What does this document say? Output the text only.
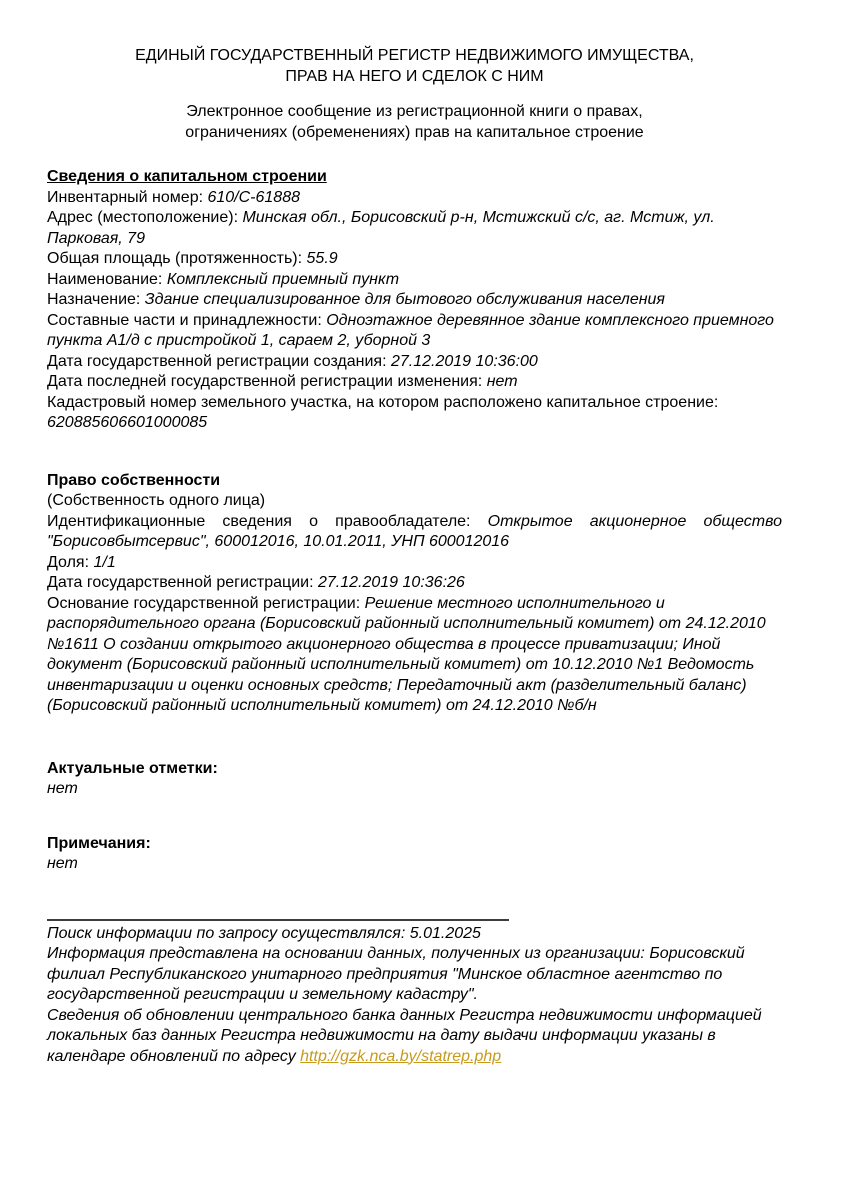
ЕДИНЫЙ ГОСУДАРСТВЕННЫЙ РЕГИСТР НЕДВИЖИМОГО ИМУЩЕСТВА,

ПРАВ НА НЕГО И СДЕЛОК С НИМ

Электронное сообщение из регистрационной книги о правах,

ограничениях (обременениях) прав на капитальное строение

Сведения о капитальном строении

Инвентарный номер: 610/С-61888

Адрес (местоположение): Минская обл., Борисовский р-н, Мстижский с/с, аг. Мстиж, ул. Парковая, 79

Общая площадь (протяженность): 55.9

Наименование: Комплексный приемный пункт

Назначение: Здание специализированное для бытового обслуживания населения

Составные части и принадлежности: Одноэтажное деревянное здание комплексного приемного пункта А1/д с пристройкой 1, сараем 2, уборной 3

Дата государственной регистрации создания: 27.12.2019 10:36:00

Дата последней государственной регистрации изменения: нет

Кадастровый номер земельного участка, на котором расположено капитальное строение: 620885606601000085

Право собственности

(Собственность одного лица)

Идентификационные сведения о правообладателе: Открытое акционерное общество "Борисовбытсервис", 600012016, 10.01.2011, УНП 600012016

Доля: 1/1

Дата государственной регистрации: 27.12.2019 10:36:26

Основание государственной регистрации: Решение местного исполнительного и распорядительного органа (Борисовский районный исполнительный комитет) от 24.12.2010 №1611 О создании открытого акционерного общества в процессе приватизации; Иной документ (Борисовский районный исполнительный комитет) от 10.12.2010 №1 Ведомость инвентаризации и оценки основных средств; Передаточный акт (разделительный баланс) (Борисовский районный исполнительный комитет) от 24.12.2010 №б/н

Актуальные отметки:

нет

Примечания:

нет

Поиск информации по запросу осуществлялся: 5.01.2025

Информация представлена на основании данных, полученных из организации: Борисовский филиал Республиканского унитарного предприятия "Минское областное агентство по государственной регистрации и земельному кадастру".

Сведения об обновлении центрального банка данных Регистра недвижимости информацией локальных баз данных Регистра недвижимости на дату выдачи информации указаны в календаре обновлений по адресу http://gzk.nca.by/statrep.php
